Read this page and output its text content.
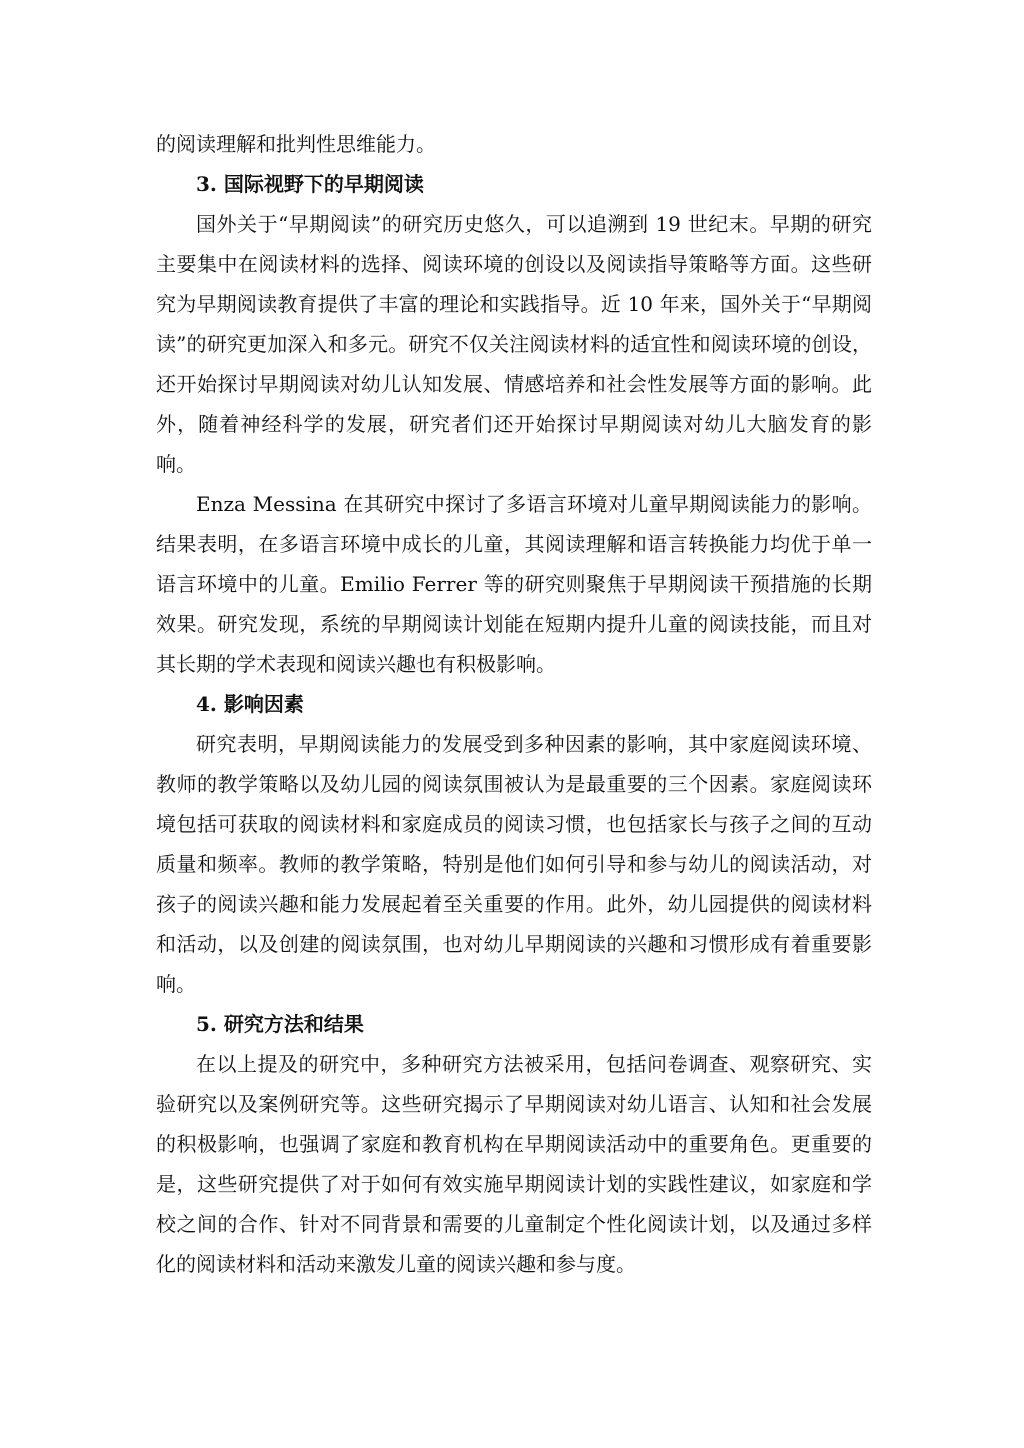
的阅读理解和批判性思维能力。

3. 国际视野下的早期阅读

国外关于“早期阅读”的研究历史悠久，可以追溯到 19 世纪末。早期的研究主要集中在阅读材料的选择、阅读环境的创设以及阅读指导策略等方面。这些研究为早期阅读教育提供了丰富的理论和实践指导。近 10 年来，国外关于“早期阅读”的研究更加深入和多元。研究不仅关注阅读材料的适宜性和阅读环境的创设，还开始探讨早期阅读对幼儿认知发展、情感培养和社会性发展等方面的影响。此外，随着神经科学的发展，研究者们还开始探讨早期阅读对幼儿大脑发育的影响。

Enza Messina 在其研究中探讨了多语言环境对儿童早期阅读能力的影响。结果表明，在多语言环境中成长的儿童，其阅读理解和语言转换能力均优于单一语言环境中的儿童。Emilio Ferrer 等的研究则聚焦于早期阅读干预措施的长期效果。研究发现，系统的早期阅读计划能在短期内提升儿童的阅读技能，而且对其长期的学术表现和阅读兴趣也有积极影响。

4. 影响因素

研究表明，早期阅读能力的发展受到多种因素的影响，其中家庭阅读环境、教师的教学策略以及幼儿园的阅读氛围被认为是最重要的三个因素。家庭阅读环境包括可获取的阅读材料和家庭成员的阅读习惯，也包括家长与孩子之间的互动质量和频率。教师的教学策略，特别是他们如何引导和参与幼儿的阅读活动，对孩子的阅读兴趣和能力发展起着至关重要的作用。此外，幼儿园提供的阅读材料和活动，以及创建的阅读氛围，也对幼儿早期阅读的兴趣和习惯形成有着重要影响。

5. 研究方法和结果

在以上提及的研究中，多种研究方法被采用，包括问卷调查、观察研究、实验研究以及案例研究等。这些研究揭示了早期阅读对幼儿语言、认知和社会发展的积极影响，也强调了家庭和教育机构在早期阅读活动中的重要角色。更重要的是，这些研究提供了对于如何有效实施早期阅读计划的实践性建议，如家庭和学校之间的合作、针对不同背景和需要的儿童制定个性化阅读计划，以及通过多样化的阅读材料和活动来激发儿童的阅读兴趣和参与度。
